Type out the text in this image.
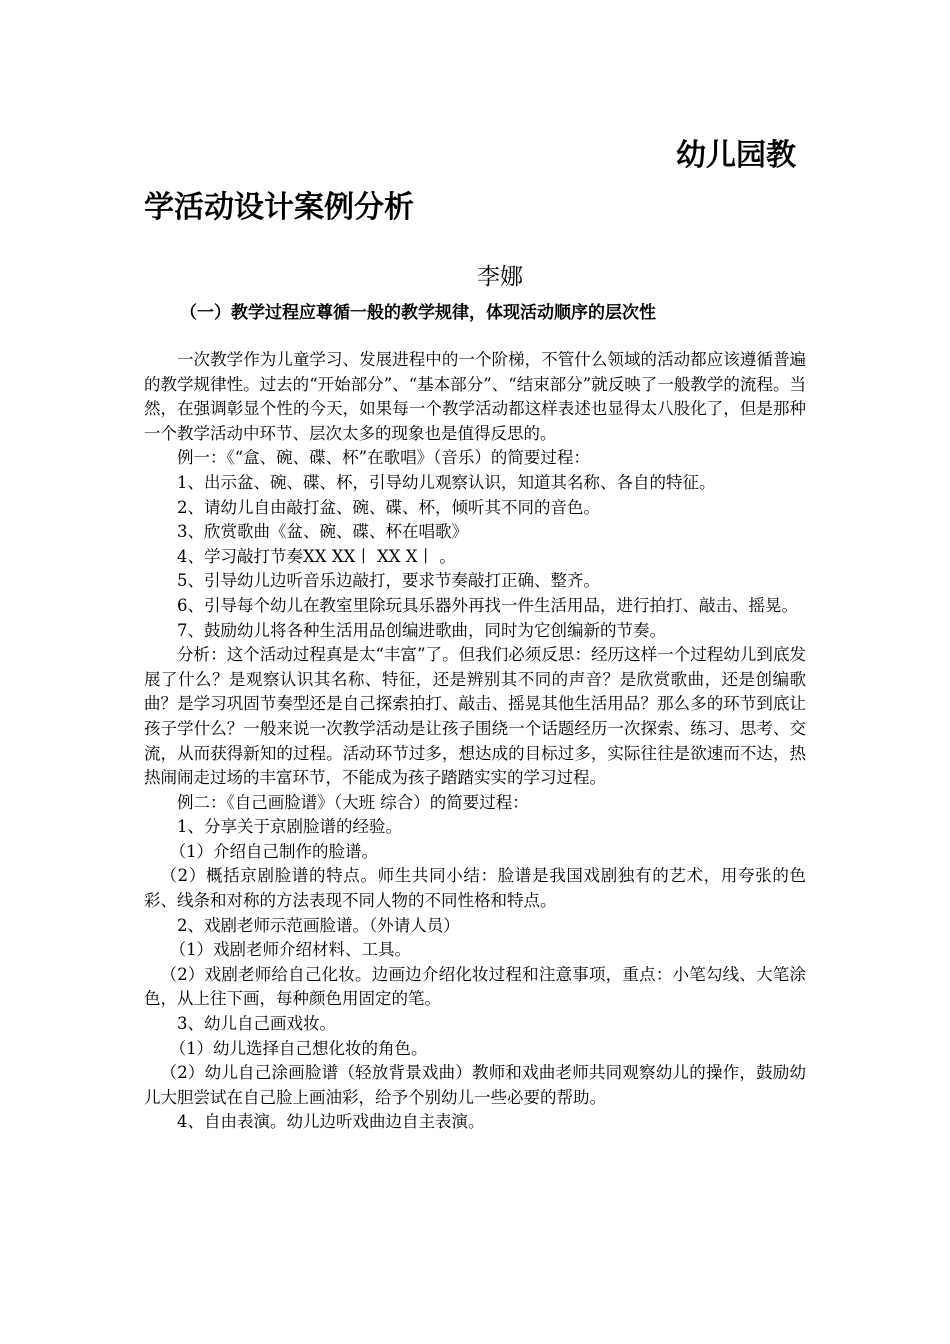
幼儿园教
学活动设计案例分析
李娜
（一）教学过程应尊循一般的教学规律，体现活动顺序的层次性

一次教学作为儿童学习、发展进程中的一个阶梯，不管什么领域的活动都应该遵循普遍的教学规律性。过去的“开始部分”、“基本部分”、“结束部分”就反映了一般教学的流程。当然，在强调彰显个性的今天，如果每一个教学活动都这样表述也显得太八股化了，但是那种一个教学活动中环节、层次太多的现象也是值得反思的。

例一：《“盒、碗、碟、杯”在歌唱》（音乐）的简要过程：

1、出示盆、碗、碟、杯，引导幼儿观察认识，知道其名称、各自的特征。

2、请幼儿自由敲打盆、碗、碟、杯，倾听其不同的音色。

3、欣赏歌曲《盆、碗、碟、杯在唱歌》

4、学习敲打节奏XX XX丨 XX X丨 。

5、引导幼儿边听音乐边敲打，要求节奏敲打正确、整齐。

6、引导每个幼儿在教室里除玩具乐器外再找一件生活用品，进行拍打、敲击、摇晃。

7、鼓励幼儿将各种生活用品创编进歌曲，同时为它创编新的节奏。

分析：这个活动过程真是太“丰富”了。但我们必须反思：经历这样一个过程幼儿到底发展了什么？是观察认识其名称、特征，还是辨别其不同的声音？是欣赏歌曲，还是创编歌曲？是学习巩固节奏型还是自己探索拍打、敲击、摇晃其他生活用品？那么多的环节到底让孩子学什么？一般来说一次教学活动是让孩子围绕一个话题经历一次探索、练习、思考、交流，从而获得新知的过程。活动环节过多，想达成的目标过多，实际往往是欲速而不达，热热闹闹走过场的丰富环节，不能成为孩子踏踏实实的学习过程。

例二：《自己画脸谱》（大班 综合）的简要过程：

1、分享关于京剧脸谱的经验。

（1）介绍自己制作的脸谱。

（2）概括京剧脸谱的特点。师生共同小结：脸谱是我国戏剧独有的艺术，用夸张的色彩、线条和对称的方法表现不同人物的不同性格和特点。

2、戏剧老师示范画脸谱。（外请人员）

（1）戏剧老师介绍材料、工具。

（2）戏剧老师给自己化妆。边画边介绍化妆过程和注意事项，重点：小笔勾线、大笔涂色，从上往下画，每种颜色用固定的笔。

3、幼儿自己画戏妆。

（1）幼儿选择自己想化妆的角色。

（2）幼儿自己涂画脸谱（轻放背景戏曲）教师和戏曲老师共同观察幼儿的操作，鼓励幼儿大胆尝试在自己脸上画油彩，给予个别幼儿一些必要的帮助。

4、自由表演。幼儿边听戏曲边自主表演。
